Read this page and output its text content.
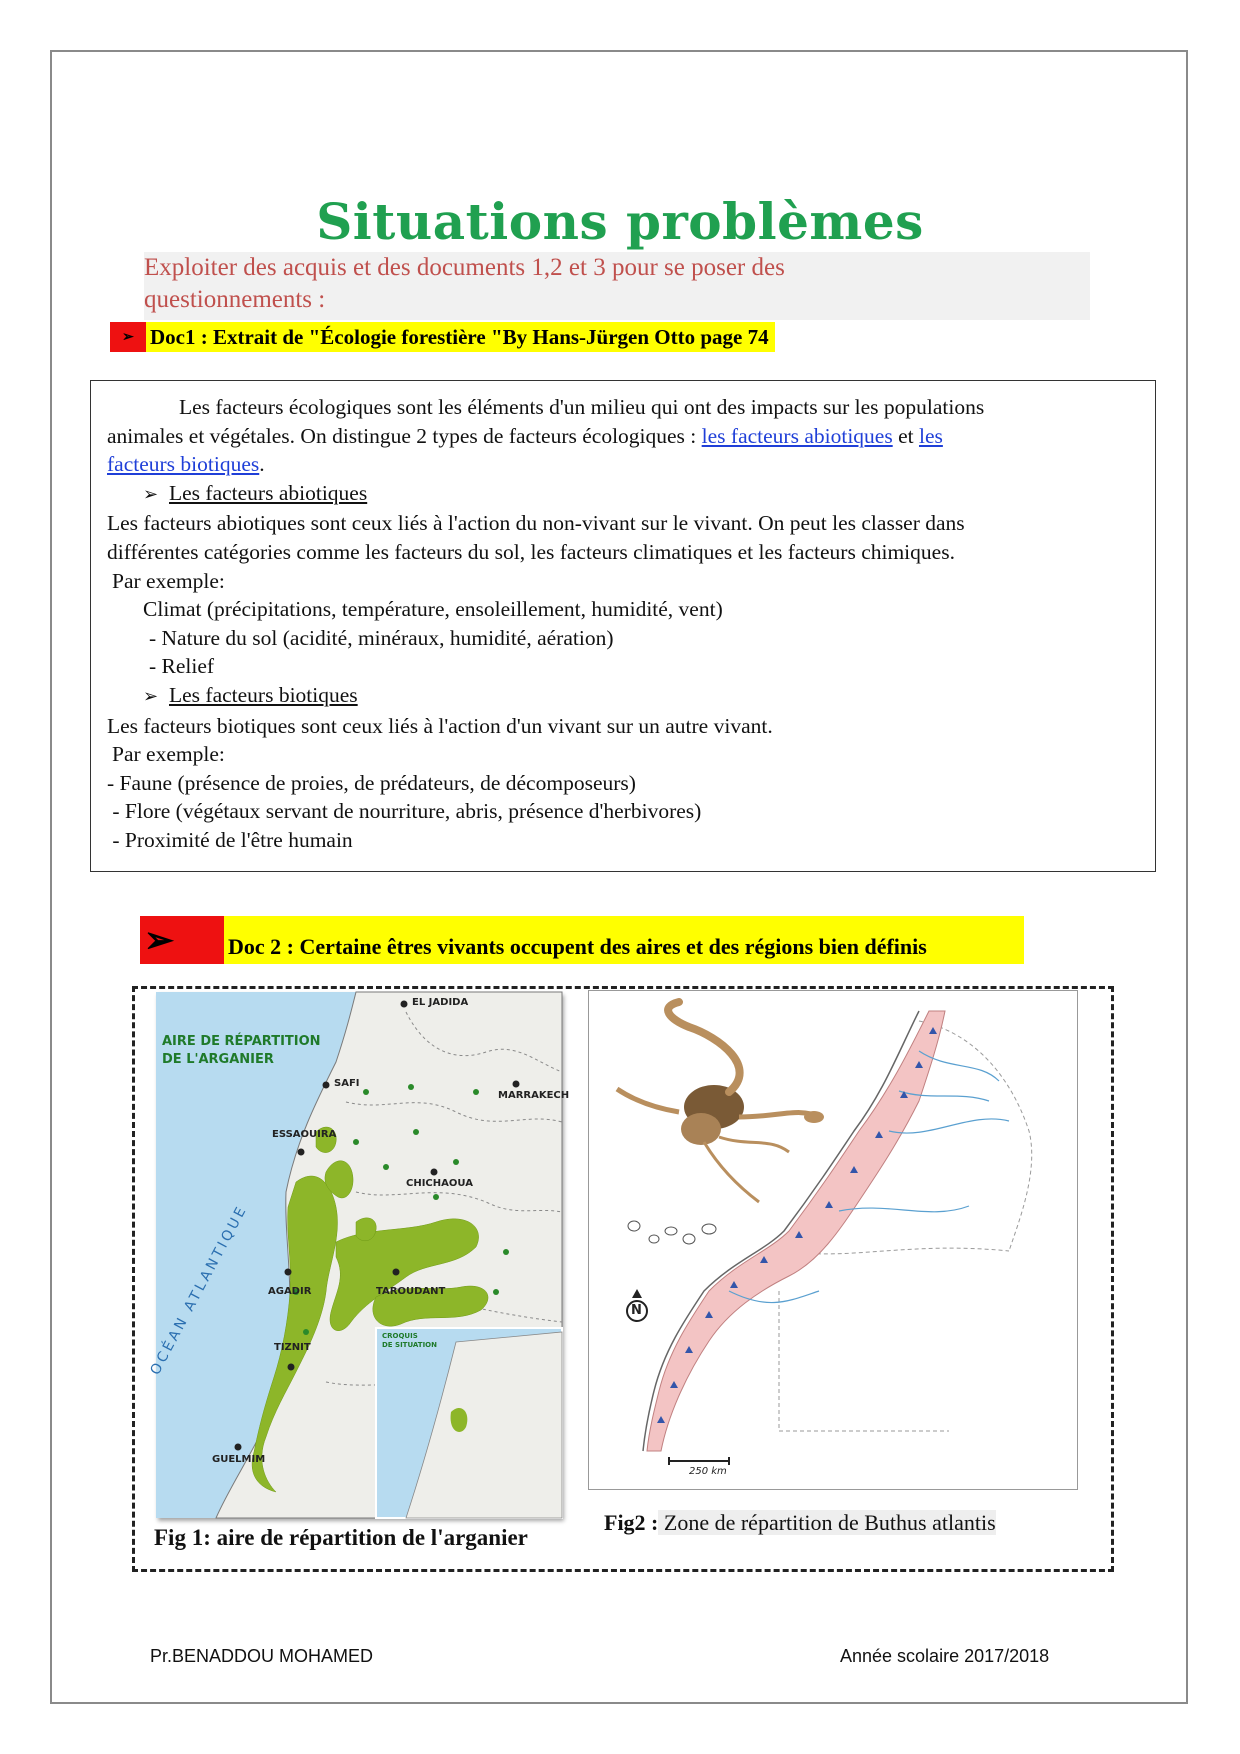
Situations problèmes
Exploiter des acquis et des documents 1,2 et 3 pour se poser des
questionnements :
➢ Doc1 : Extrait de "Écologie forestière "By Hans-Jürgen Otto page 74
Les facteurs écologiques sont les éléments d'un milieu qui ont des impacts sur les populations
animales et végétales. On distingue 2 types de facteurs écologiques : les facteurs abiotiques et les
facteurs biotiques.
➢ Les facteurs abiotiques
Les facteurs abiotiques sont ceux liés à l'action du non-vivant sur le vivant. On peut les classer dans
différentes catégories comme les facteurs du sol, les facteurs climatiques et les facteurs chimiques.
Par exemple:
Climat (précipitations, température, ensoleillement, humidité, vent)
- Nature du sol (acidité, minéraux, humidité, aération)
- Relief
➢ Les facteurs biotiques
Les facteurs biotiques sont ceux liés à l'action d'un vivant sur un autre vivant.
Par exemple:
- Faune (présence de proies, de prédateurs, de décomposeurs)
- Flore (végétaux servant de nourriture, abris, présence d'herbivores)
- Proximité de l'être humain
➢	Doc 2 : Certaine êtres vivants occupent des aires et des régions bien définis
AIRE DE RÉPARTITION
DE L'ARGANIER
OCÉAN ATLANTIQUE
EL JADIDA
SAFI
MARRAKECH
ESSAOUIRA
CHICHAOUA
AGADIR	TAROUDANT
TIZNIT
GUELMIM
CROQUIS
DE SITUATION
N
250 km
Fig 1: aire de répartition de l'arganier
Fig2 : Zone de répartition de Buthus atlantis
Pr.BENADDOU MOHAMED	Année scolaire 2017/2018
